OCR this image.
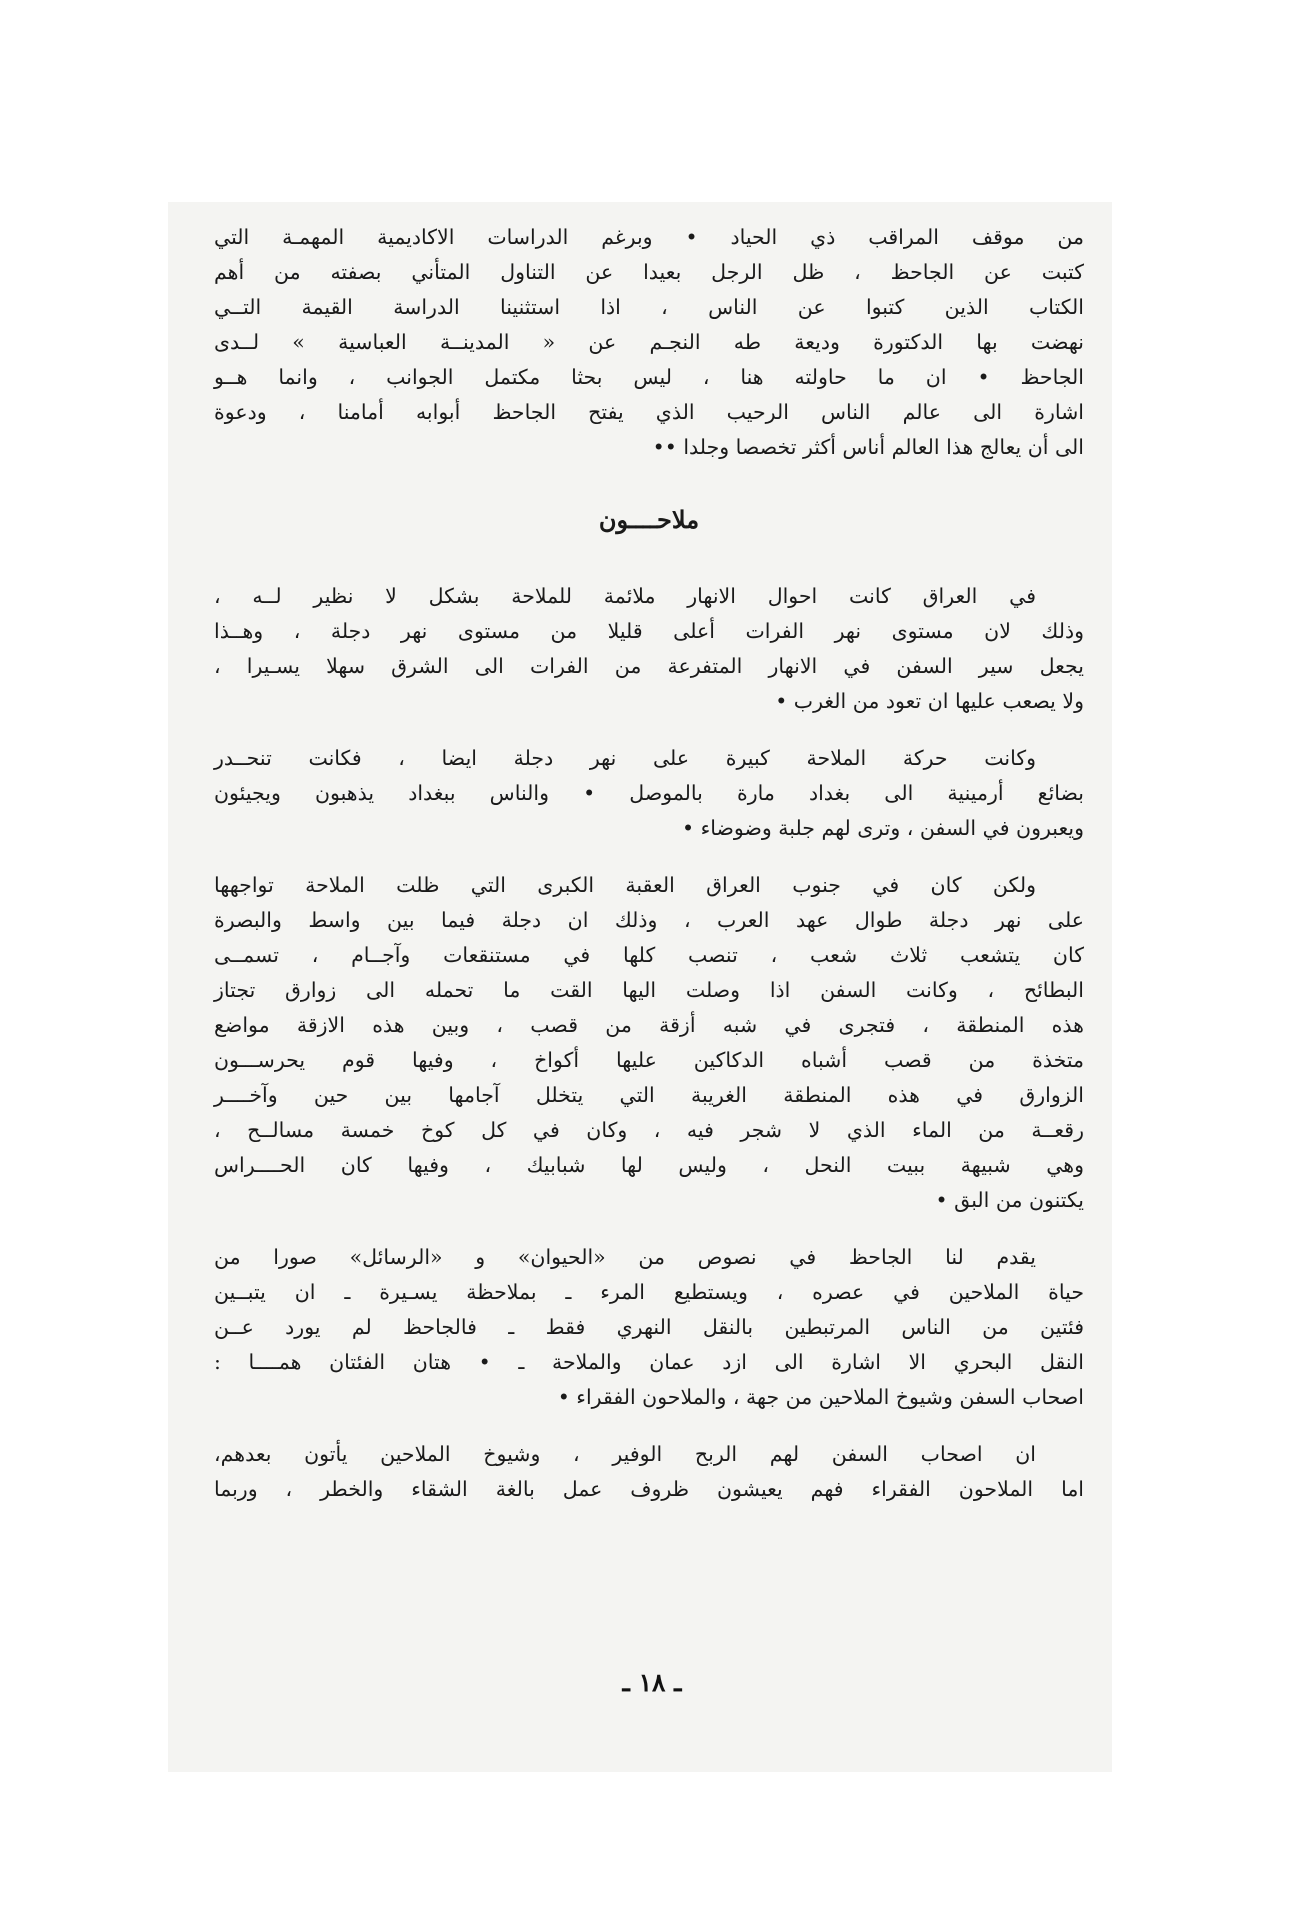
من موقف المراقب ذي الحياد • وبرغم الدراسات الاكاديمية المهمـة التي
كتبت عن الجاحظ ، ظل الرجل بعيدا عن التناول المتأني بصفته من أهم
الكتاب الذين كتبوا عن الناس ، اذا استثنينا الدراسة القيمة التــي
نهضت بها الدكتورة وديعة طه النجـم عن « المدينــة العباسية » لــدى
الجاحظ • ان ما حاولته هنا ، ليس بحثا مكتمل الجوانب ، وانما هــو
اشارة الى عالم الناس الرحيب الذي يفتح الجاحظ أبوابه أمامنا ، ودعوة
الى أن يعالج هذا العالم أناس أكثر تخصصا وجلدا ••
ملاحــــون
في العراق كانت احوال الانهار ملائمة للملاحة بشكل لا نظير لــه ،
وذلك لان مستوى نهر الفرات أعلى قليلا من مستوى نهر دجلة ، وهــذا
يجعل سير السفن في الانهار المتفرعة من الفرات الى الشرق سهلا يسـيرا ،
ولا يصعب عليها ان تعود من الغرب •
وكانت حركة الملاحة كبيرة على نهر دجلة ايضا ، فكانت تنحــدر
بضائع أرمينية الى بغداد مارة بالموصل • والناس ببغداد يذهبون ويجيئون
ويعبرون في السفن ، وترى لهم جلبة وضوضاء •
ولكن كان في جنوب العراق العقبة الكبرى التي ظلت الملاحة تواجهها
على نهر دجلة طوال عهد العرب ، وذلك ان دجلة فيما بين واسط والبصرة
كان يتشعب ثلاث شعب ، تنصب كلها في مستنقعات وآجــام ، تسمــى
البطائح ، وكانت السفن اذا وصلت اليها القت ما تحمله الى زوارق تجتاز
هذه المنطقة ، فتجرى في شبه أزقة من قصب ، وبين هذه الازقة مواضع
متخذة من قصب أشباه الدكاكين عليها أكواخ ، وفيها قوم يحرســـون
الزوارق في هذه المنطقة الغريبة التي يتخلل آجامها بين حين وآخــــر
رقعــة من الماء الذي لا شجر فيه ، وكان في كل كوخ خمسة مسالــح ،
وهي شبيهة ببيت النحل ، وليس لها شبابيك ، وفيها كان الحــــراس
يكتنون من البق •
يقدم لنا الجاحظ في نصوص من «الحيوان» و «الرسائل» صورا من
حياة الملاحين في عصره ، ويستطيع المرء ـ بملاحظة يسـيرة ـ ان يتبــين
فئتين من الناس المرتبطين بالنقل النهري فقط ـ فالجاحظ لم يورد عــن
النقل البحري الا اشارة الى ازد عمان والملاحة ـ • هتان الفئتان همــــا :
اصحاب السفن وشيوخ الملاحين من جهة ، والملاحون الفقراء •
ان اصحاب السفن لهم الربح الوفير ، وشيوخ الملاحين يأتون بعدهم،
اما الملاحون الفقراء فهم يعيشون ظروف عمل بالغة الشقاء والخطر ، وربما
ـ ١٨ ـ
